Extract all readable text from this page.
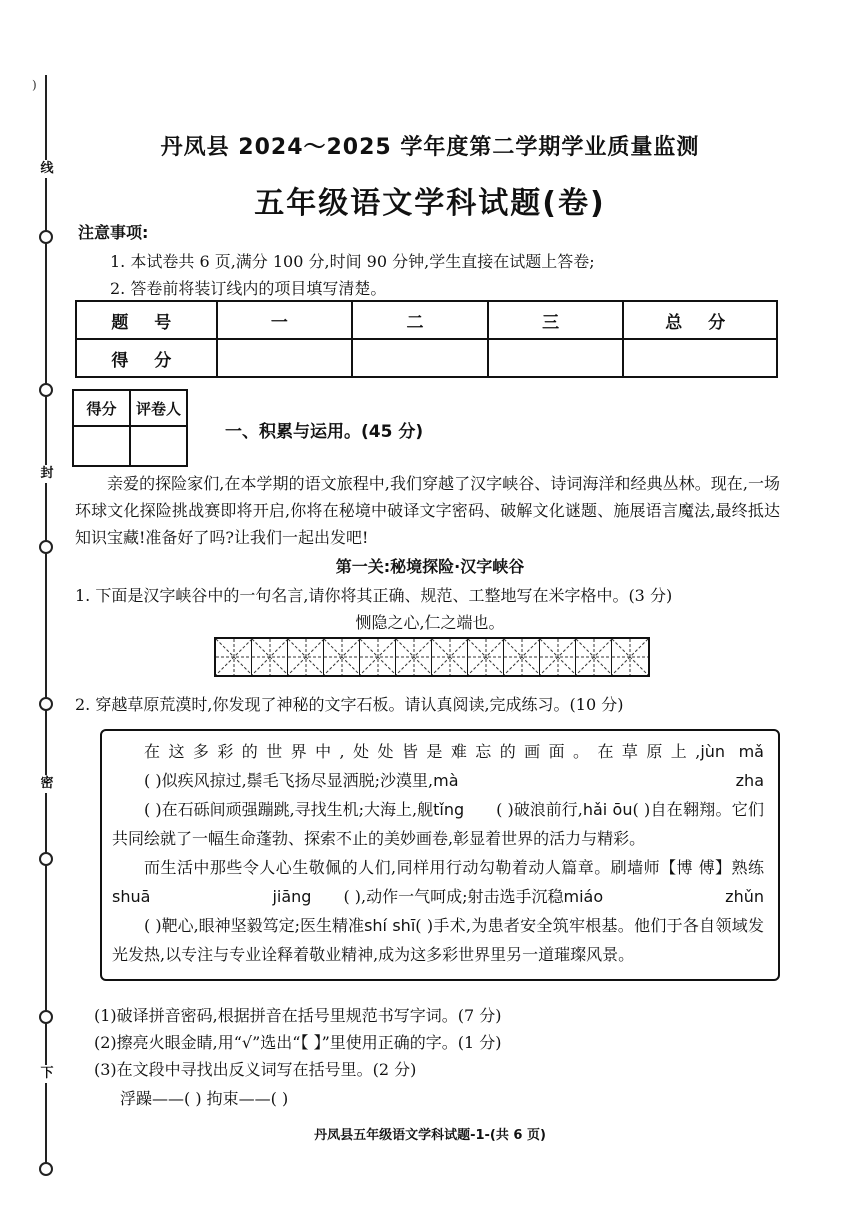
)
线
封
密
下
丹凤县 2024～2025 学年度第二学期学业质量监测
五年级语文学科试题(卷)
注意事项:
1. 本试卷共 6 页,满分 100 分,时间 90 分钟,学生直接在试题上答卷;
2. 答卷前将装订线内的项目填写清楚。
题 号	一	二	三	总 分
得 分				
得分	评卷人

一、积累与运用。(45 分)
亲爱的探险家们,在本学期的语文旅程中,我们穿越了汉字峡谷、诗词海洋和经典丛林。现在,一场环球文化探险挑战赛即将开启,你将在秘境中破译文字密码、破解文化谜题、施展语言魔法,最终抵达知识宝藏!准备好了吗?让我们一起出发吧!
第一关:秘境探险·汉字峡谷
1. 下面是汉字峡谷中的一句名言,请你将其正确、规范、工整地写在米字格中。(3 分)
恻隐之心,仁之端也。
2. 穿越草原荒漠时,你发现了神秘的文字石板。请认真阅读,完成练习。(10 分)

在这多彩的世界中,处处皆是难忘的画面。在草原上,jùn mǎ( )似疾风掠过,鬃毛飞扬尽显洒脱;沙漠里,mà zha( )在石砾间顽强蹦跳,寻找生机;大海上,舰tǐng ( )破浪前行,hǎi ōu( )自在翱翔。它们共同绘就了一幅生命蓬勃、探索不止的美妙画卷,彰显着世界的活力与精彩。

而生活中那些令人心生敬佩的人们,同样用行动勾勒着动人篇章。刷墙师【博 傅】熟练shuā jiāng ( ),动作一气呵成;射击选手沉稳miáo zhǔn( )靶心,眼神坚毅笃定;医生精准shí shī( )手术,为患者安全筑牢根基。他们于各自领域发光发热,以专注与专业诠释着敬业精神,成为这多彩世界里另一道璀璨风景。

(1)破译拼音密码,根据拼音在括号里规范书写字词。(7 分)
(2)擦亮火眼金睛,用“√”选出“【 】”里使用正确的字。(1 分)
(3)在文段中寻找出反义词写在括号里。(2 分)
浮躁——( ) 拘束——( )
丹凤县五年级语文学科试题-1-(共 6 页)
